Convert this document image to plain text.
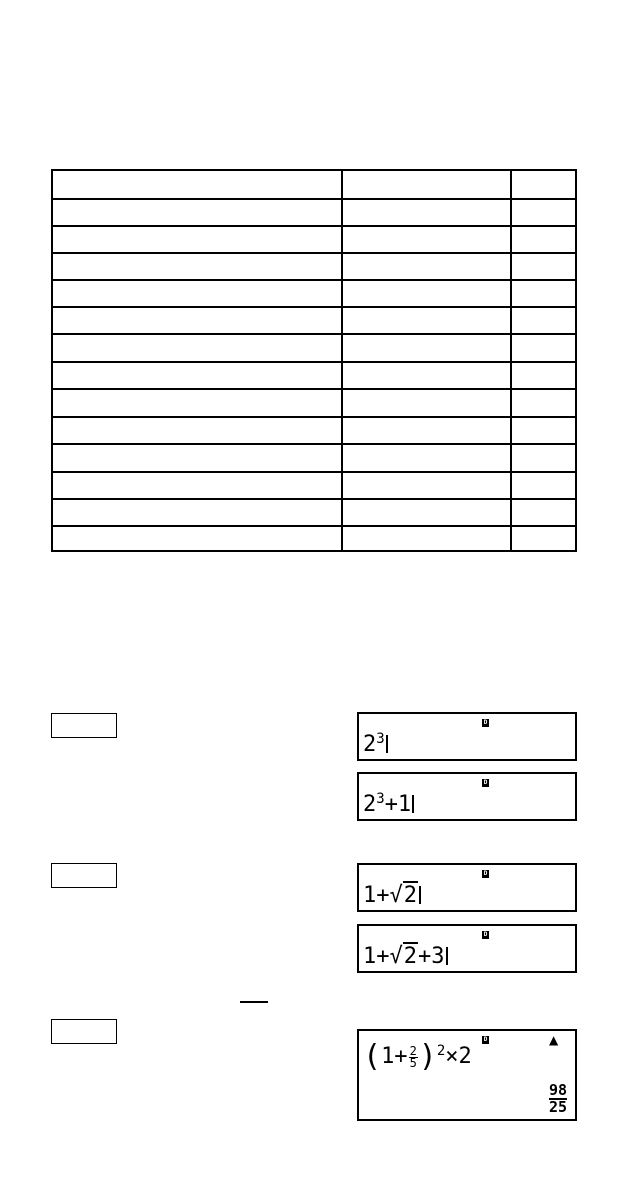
D
$2^3$
D
$2^3+1$
D
1+√2
D
1+√2+3
D	▲
$(1+ \frac{2}{5} )^2\times 2$
$\frac{98}{25}$
